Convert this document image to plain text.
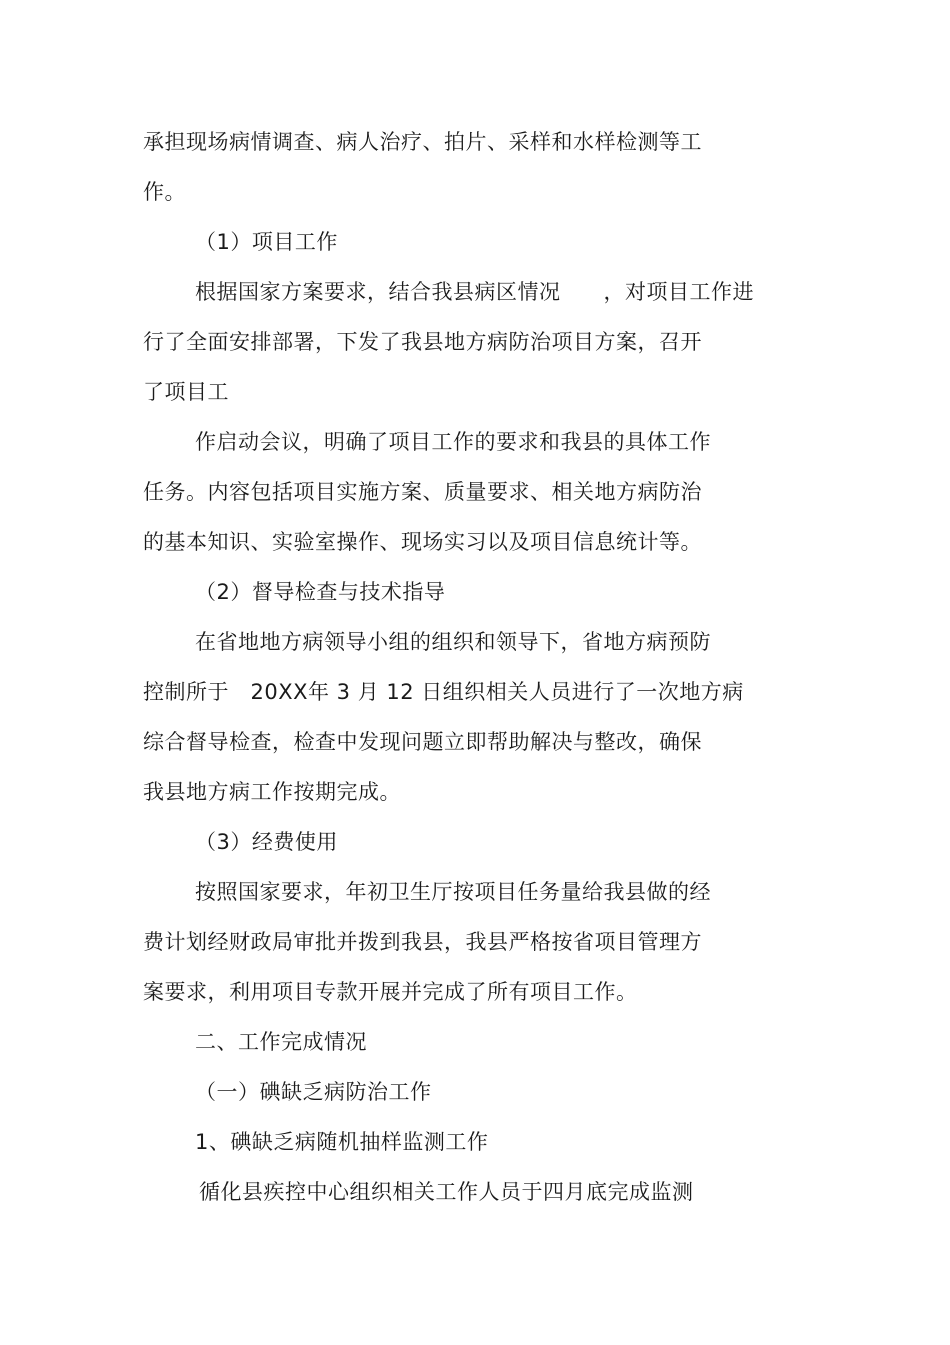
承担现场病情调查、病人治疗、拍片、采样和水样检测等工
作。
（1）项目工作
根据国家方案要求，结合我县病区情况　　，对项目工作进
行了全面安排部署，下发了我县地方病防治项目方案，召开
了项目工
作启动会议，明确了项目工作的要求和我县的具体工作
任务。内容包括项目实施方案、质量要求、相关地方病防治
的基本知识、实验室操作、现场实习以及项目信息统计等。
（2）督导检查与技术指导
在省地地方病领导小组的组织和领导下，省地方病预防
控制所于　20XX年 3 月 12 日组织相关人员进行了一次地方病
综合督导检查，检查中发现问题立即帮助解决与整改，确保
我县地方病工作按期完成。
（3）经费使用
按照国家要求，年初卫生厅按项目任务量给我县做的经
费计划经财政局审批并拨到我县，我县严格按省项目管理方
案要求，利用项目专款开展并完成了所有项目工作。
二、工作完成情况
（一）碘缺乏病防治工作
1、碘缺乏病随机抽样监测工作
循化县疾控中心组织相关工作人员于四月底完成监测
